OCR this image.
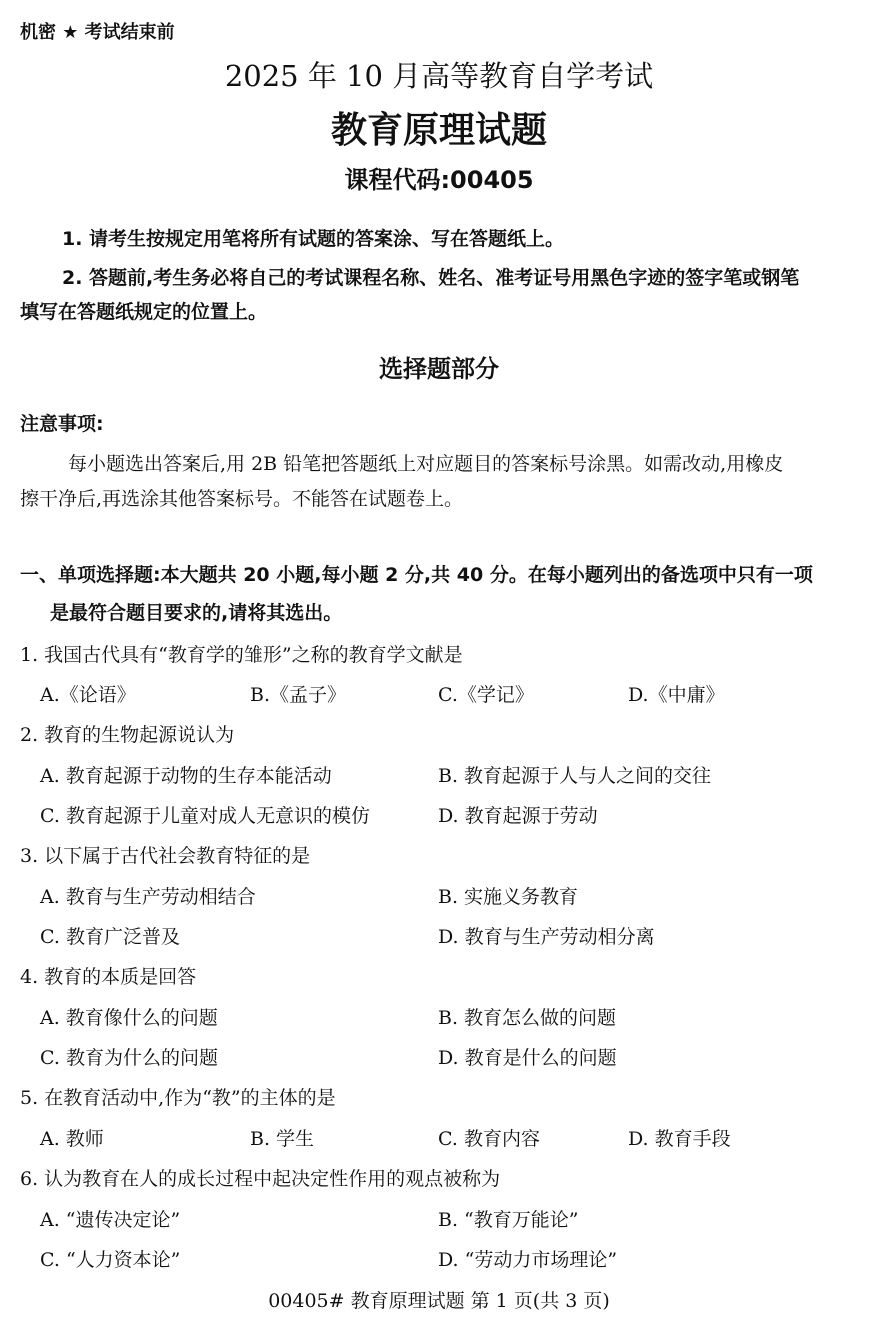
机密 ★ 考试结束前
2025 年 10 月高等教育自学考试
教育原理试题
课程代码:00405
1. 请考生按规定用笔将所有试题的答案涂、写在答题纸上。
2. 答题前,考生务必将自己的考试课程名称、姓名、准考证号用黑色字迹的签字笔或钢笔
填写在答题纸规定的位置上。
选择题部分
注意事项:
每小题选出答案后,用 2B 铅笔把答题纸上对应题目的答案标号涂黑。如需改动,用橡皮
擦干净后,再选涂其他答案标号。不能答在试题卷上。
一、单项选择题:本大题共 20 小题,每小题 2 分,共 40 分。在每小题列出的备选项中只有一项
是最符合题目要求的,请将其选出。
1. 我国古代具有“教育学的雏形”之称的教育学文献是
A.《论语》	B.《孟子》	C.《学记》	D.《中庸》
2. 教育的生物起源说认为
A. 教育起源于动物的生存本能活动	B. 教育起源于人与人之间的交往
C. 教育起源于儿童对成人无意识的模仿	D. 教育起源于劳动
3. 以下属于古代社会教育特征的是
A. 教育与生产劳动相结合	B. 实施义务教育
C. 教育广泛普及	D. 教育与生产劳动相分离
4. 教育的本质是回答
A. 教育像什么的问题	B. 教育怎么做的问题
C. 教育为什么的问题	D. 教育是什么的问题
5. 在教育活动中,作为“教”的主体的是
A. 教师	B. 学生	C. 教育内容	D. 教育手段
6. 认为教育在人的成长过程中起决定性作用的观点被称为
A. “遗传决定论”	B. “教育万能论”
C. “人力资本论”	D. “劳动力市场理论”
00405# 教育原理试题 第 1 页(共 3 页)
